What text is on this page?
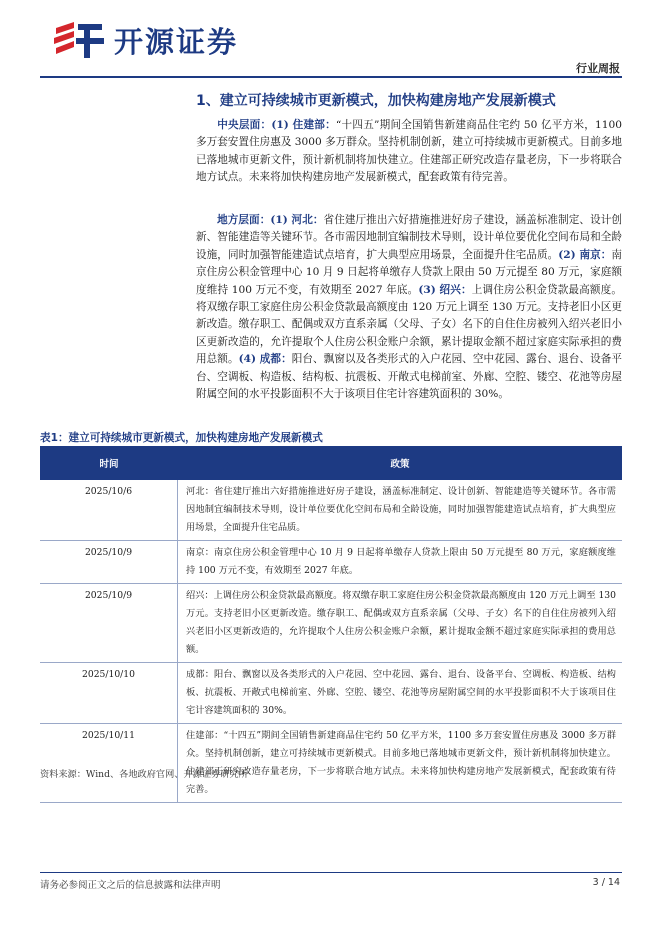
开源证券
行业周报
1、建立可持续城市更新模式，加快构建房地产发展新模式
中央层面：(1) 住建部：“十四五”期间全国销售新建商品住宅约 50 亿平方米，1100 多万套安置住房惠及 3000 多万群众。坚持机制创新，建立可持续城市更新模式。目前多地已落地城市更新文件，预计新机制将加快建立。住建部正研究改造存量老房，下一步将联合地方试点。未来将加快构建房地产发展新模式，配套政策有待完善。
地方层面：(1) 河北：省住建厅推出六好措施推进好房子建设，涵盖标准制定、设计创新、智能建造等关键环节。各市需因地制宜编制技术导则，设计单位要优化空间布局和全龄设施，同时加强智能建造试点培育，扩大典型应用场景，全面提升住宅品质。(2) 南京：南京住房公积金管理中心 10 月 9 日起将单缴存人贷款上限由 50 万元提至 80 万元，家庭额度维持 100 万元不变，有效期至 2027 年底。(3) 绍兴：上调住房公积金贷款最高额度。将双缴存职工家庭住房公积金贷款最高额度由 120 万元上调至 130 万元。支持老旧小区更新改造。缴存职工、配偶或双方直系亲属（父母、子女）名下的自住住房被列入绍兴老旧小区更新改造的，允许提取个人住房公积金账户余额，累计提取金额不超过家庭实际承担的费用总额。(4) 成都：阳台、飘窗以及各类形式的入户花园、空中花园、露台、退台、设备平台、空调板、构造板、结构板、抗震板、开敞式电梯前室、外廊、空腔、镂空、花池等房屋附属空间的水平投影面积不大于该项目住宅计容建筑面积的 30%。
表1：建立可持续城市更新模式，加快构建房地产发展新模式
时间	政策
2025/10/6	河北：省住建厅推出六好措施推进好房子建设，涵盖标准制定、设计创新、智能建造等关键环节。各市需因地制宜编制技术导则，设计单位要优化空间布局和全龄设施，同时加强智能建造试点培育，扩大典型应用场景，全面提升住宅品质。
2025/10/9	南京：南京住房公积金管理中心 10 月 9 日起将单缴存人贷款上限由 50 万元提至 80 万元，家庭额度维持 100 万元不变，有效期至 2027 年底。
2025/10/9	绍兴：上调住房公积金贷款最高额度。将双缴存职工家庭住房公积金贷款最高额度由 120 万元上调至 130 万元。支持老旧小区更新改造。缴存职工、配偶或双方直系亲属（父母、子女）名下的自住住房被列入绍兴老旧小区更新改造的，允许提取个人住房公积金账户余额，累计提取金额不超过家庭实际承担的费用总额。
2025/10/10	成都：阳台、飘窗以及各类形式的入户花园、空中花园、露台、退台、设备平台、空调板、构造板、结构板、抗震板、开敞式电梯前室、外廊、空腔、镂空、花池等房屋附属空间的水平投影面积不大于该项目住宅计容建筑面积的 30%。
2025/10/11	住建部：“十四五”期间全国销售新建商品住宅约 50 亿平方米，1100 多万套安置住房惠及 3000 多万群众。坚持机制创新，建立可持续城市更新模式。目前多地已落地城市更新文件，预计新机制将加快建立。住建部正研究改造存量老房，下一步将联合地方试点。未来将加快构建房地产发展新模式，配套政策有待完善。
资料来源：Wind、各地政府官网、开源证券研究所
请务必参阅正文之后的信息披露和法律声明	3 / 14
